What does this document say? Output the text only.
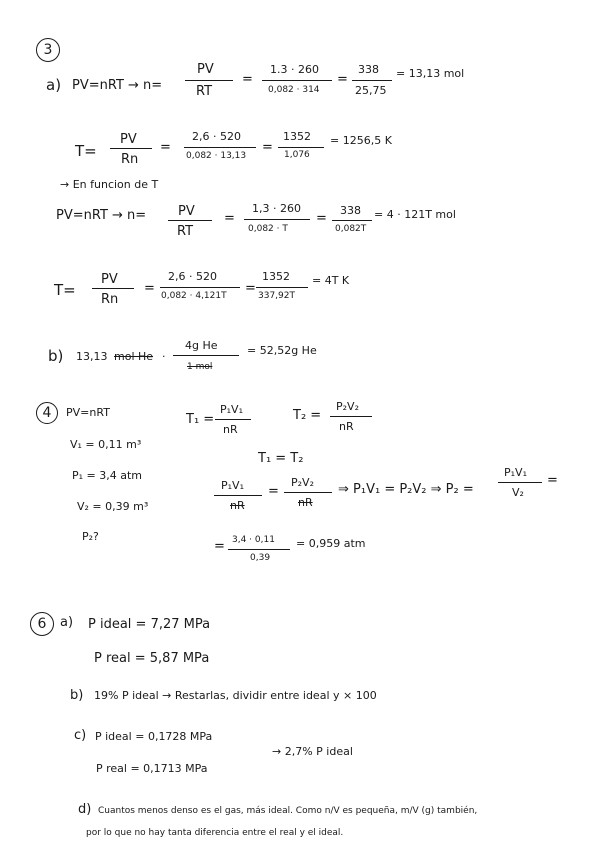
3
a) PV=nRT → n=
PV
RT
=
1.3 · 260
0,082 · 314
=
338
25,75
= 13,13 mol
T=
PV
Rn
=
2,6 · 520
0,082 · 13,13
=
1352
1,076
= 1256,5 K
→ En funcion de T
PV=nRT → n= PV
RT
=
1,3 · 260
0,082 · T
=
338
0,082T
= 4 · 121T mol
T=
PV
Rn
=
2,6 · 520
0,082 · 4,121T =
1352
337,92T
= 4T K
b) 13,13 mol He ·
4g He
1 mol
= 52,52g He
4	PV=nRT
V₁ = 0,11 m³
P₁ = 3,4 atm
V₂ = 0,39 m³
P₂?
T₁ =
P₁V₁
nR
T₂ =
P₂V₂
nR
T₁ = T₂
P₁V₁
nR
=
P₂V₂
nR
⇒ P₁V₁ = P₂V₂ ⇒ P₂ =
P₁V₁
V₂
=
= 3,4 · 0,11
0,39
= 0,959 atm
6	a) P ideal = 7,27 MPa
P real = 5,87 MPa
b) 19% P ideal → Restarlas, dividir entre ideal y × 100
c) P ideal = 0,1728 MPa
P real = 0,1713 MPa
→ 2,7% P ideal
d) Cuantos menos denso es el gas, más ideal. Como n/V es pequeña, m/V (g) también,
por lo que no hay tanta diferencia entre el real y el ideal.
